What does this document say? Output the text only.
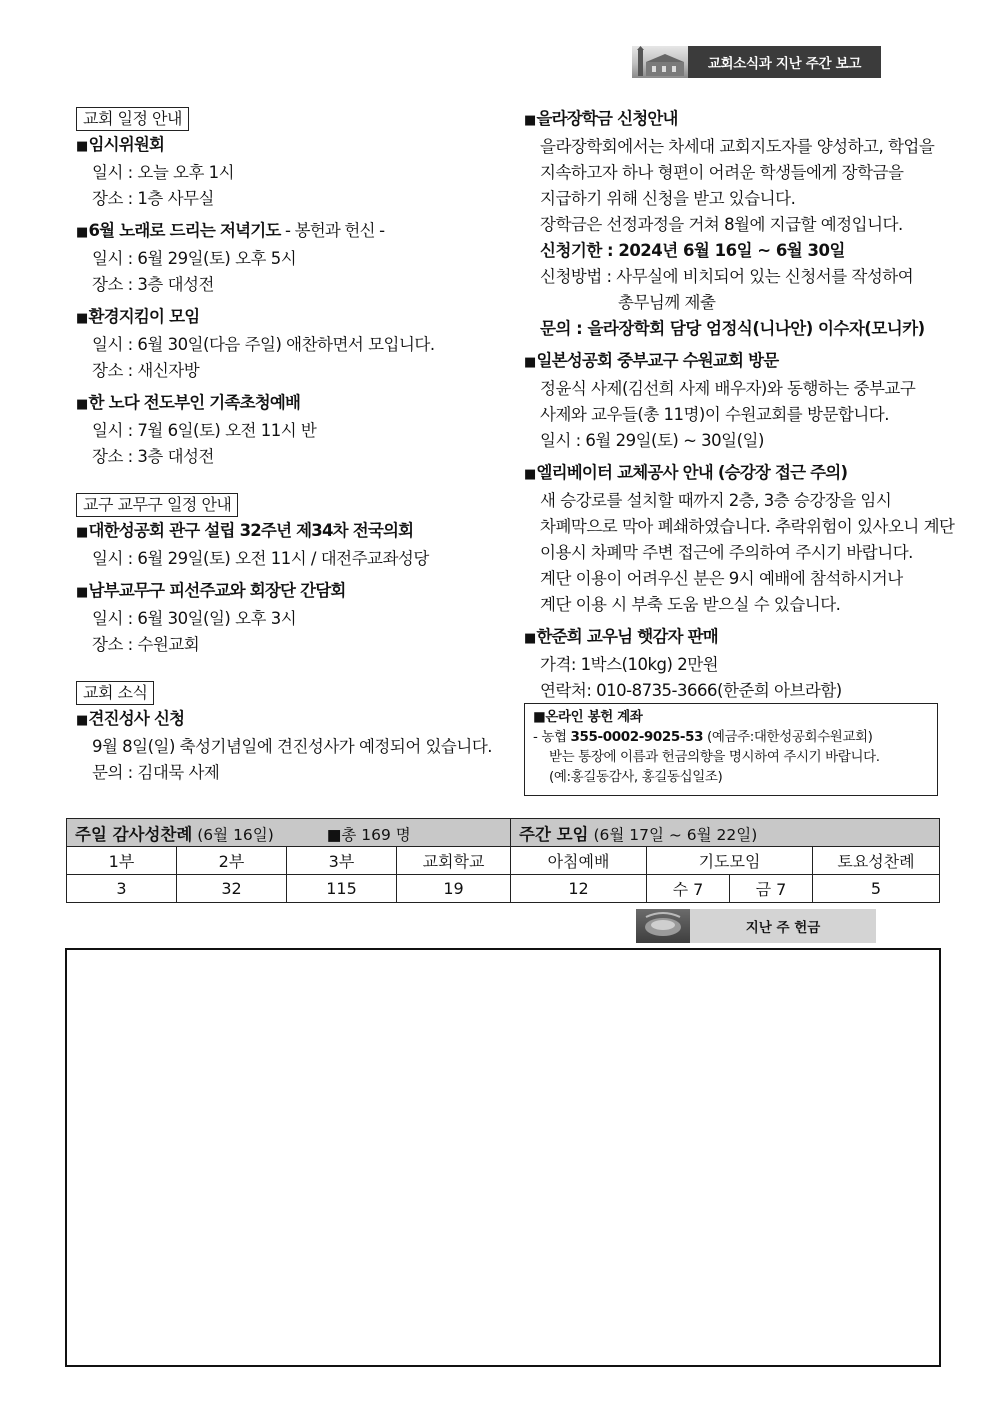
교회소식과 지난 주간 보고
교회 일정 안내
■임시위원회
일시 : 오늘 오후 1시
장소 : 1층 사무실
■6월 노래로 드리는 저녁기도 - 봉헌과 헌신 -
일시 : 6월 29일(토) 오후 5시
장소 : 3층 대성전
■환경지킴이 모임
일시 : 6월 30일(다음 주일) 애찬하면서 모입니다.
장소 : 새신자방
■한 노다 전도부인 기족초청예배
일시 : 7월 6일(토) 오전 11시 반
장소 : 3층 대성전
교구 교무구 일정 안내
■대한성공회 관구 설립 32주년 제34차 전국의회
일시 : 6월 29일(토) 오전 11시 / 대전주교좌성당
■남부교무구 피선주교와 회장단 간담회
일시 : 6월 30일(일) 오후 3시
장소 : 수원교회
교회 소식
■견진성사 신청
9월 8일(일) 축성기념일에 견진성사가 예정되어 있습니다.
문의 : 김대묵 사제
■을라장학금 신청안내
을라장학회에서는 차세대 교회지도자를 양성하고, 학업을
지속하고자 하나 형편이 어려운 학생들에게 장학금을
지급하기 위해 신청을 받고 있습니다.
장학금은 선정과정을 거쳐 8월에 지급할 예정입니다.
신청기한 : 2024년 6월 16일 ~ 6월 30일
신청방법 : 사무실에 비치되어 있는 신청서를 작성하여
총무님께 제출
문의 : 을라장학회 담당 엄정식(니나안) 이수자(모니카)
■일본성공회 중부교구 수원교회 방문
정윤식 사제(김선희 사제 배우자)와 동행하는 중부교구
사제와 교우들(총 11명)이 수원교회를 방문합니다.
일시 : 6월 29일(토) ~ 30일(일)
■엘리베이터 교체공사 안내 (승강장 접근 주의)
새 승강로를 설치할 때까지 2층, 3층 승강장을 임시
차폐막으로 막아 폐쇄하였습니다. 추락위험이 있사오니 계단
이용시 차폐막 주변 접근에 주의하여 주시기 바랍니다.
계단 이용이 어려우신 분은 9시 예배에 참석하시거나
계단 이용 시 부축 도움 받으실 수 있습니다.
■한준희 교우님 햇감자 판매
가격: 1박스(10kg) 2만원
연락처: 010-8735-3666(한준희 아브라함)
■온라인 봉헌 계좌
- 농협 355-0002-9025-53 (예금주:대한성공회수원교회)
받는 통장에 이름과 헌금의향을 명시하여 주시기 바랍니다.
(예:홍길동감사, 홍길동십일조)
주일 감사성찬례 (6월 16일) ■총 169 명				주간 모임 (6월 17일 ~ 6월 22일)			
1부	2부	3부	교회학교	아침예배	기도모임		토요성찬례
3	32	115	19	12	수 7	금 7	5
지난 주 헌금
